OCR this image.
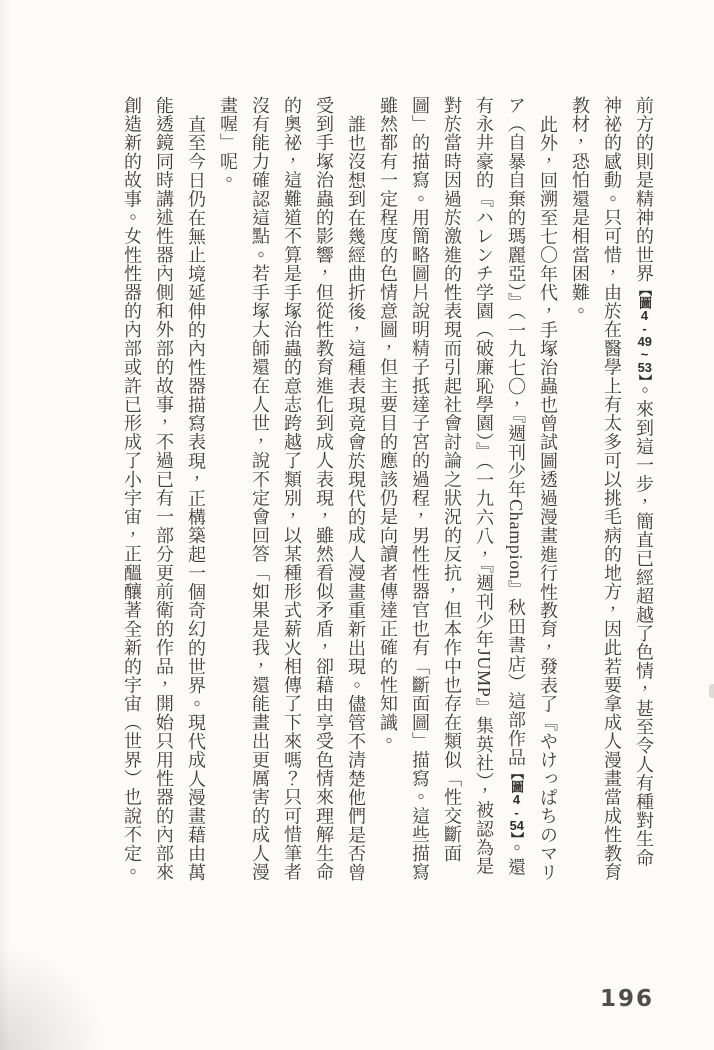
前方的則是精神的世界【圖4-49~53】。來到這一步，簡直已經超越了色情，甚至令人有種對生命神祕的感動。只可惜，由於在醫學上有太多可以挑毛病的地方，因此若要拿成人漫畫當成性教育教材，恐怕還是相當困難。

此外，回溯至七〇年代，手塚治蟲也曾試圖透過漫畫進行性教育，發表了『やけっぱちのマリア（自暴自棄的瑪麗亞）』（一九七〇，『週刊少年Champion』秋田書店）這部作品【圖4-54】。還有永井豪的『ハレンチ学園（破廉恥學園）』（一九六八，『週刊少年JUMP』集英社），被認為是對於當時因過於激進的性表現而引起社會討論之狀況的反抗，但本作中也存在類似「性交斷面圖」的描寫。用簡略圖片說明精子抵達子宮的過程，男性性器官也有「斷面圖」描寫。這些描寫雖然都有一定程度的色情意圖，但主要目的應該仍是向讀者傳達正確的性知識。

誰也沒想到在幾經曲折後，這種表現竟會於現代的成人漫畫重新出現。儘管不清楚他們是否曾受到手塚治蟲的影響，但從性教育進化到成人表現，雖然看似矛盾，卻藉由享受色情來理解生命的奧祕，這難道不算是手塚治蟲的意志跨越了類別，以某種形式薪火相傳了下來嗎？只可惜筆者沒有能力確認這點。若手塚大師還在人世，說不定會回答「如果是我，還能畫出更厲害的成人漫畫喔」呢。

直至今日仍在無止境延伸的內性器描寫表現，正構築起一個奇幻的世界。現代成人漫畫藉由萬能透鏡同時講述性器內側和外部的故事，不過已有一部分更前衛的作品，開始只用性器的內部來創造新的故事。女性性器的內部或許已形成了小宇宙，正醞釀著全新的宇宙（世界）也說不定。

196
